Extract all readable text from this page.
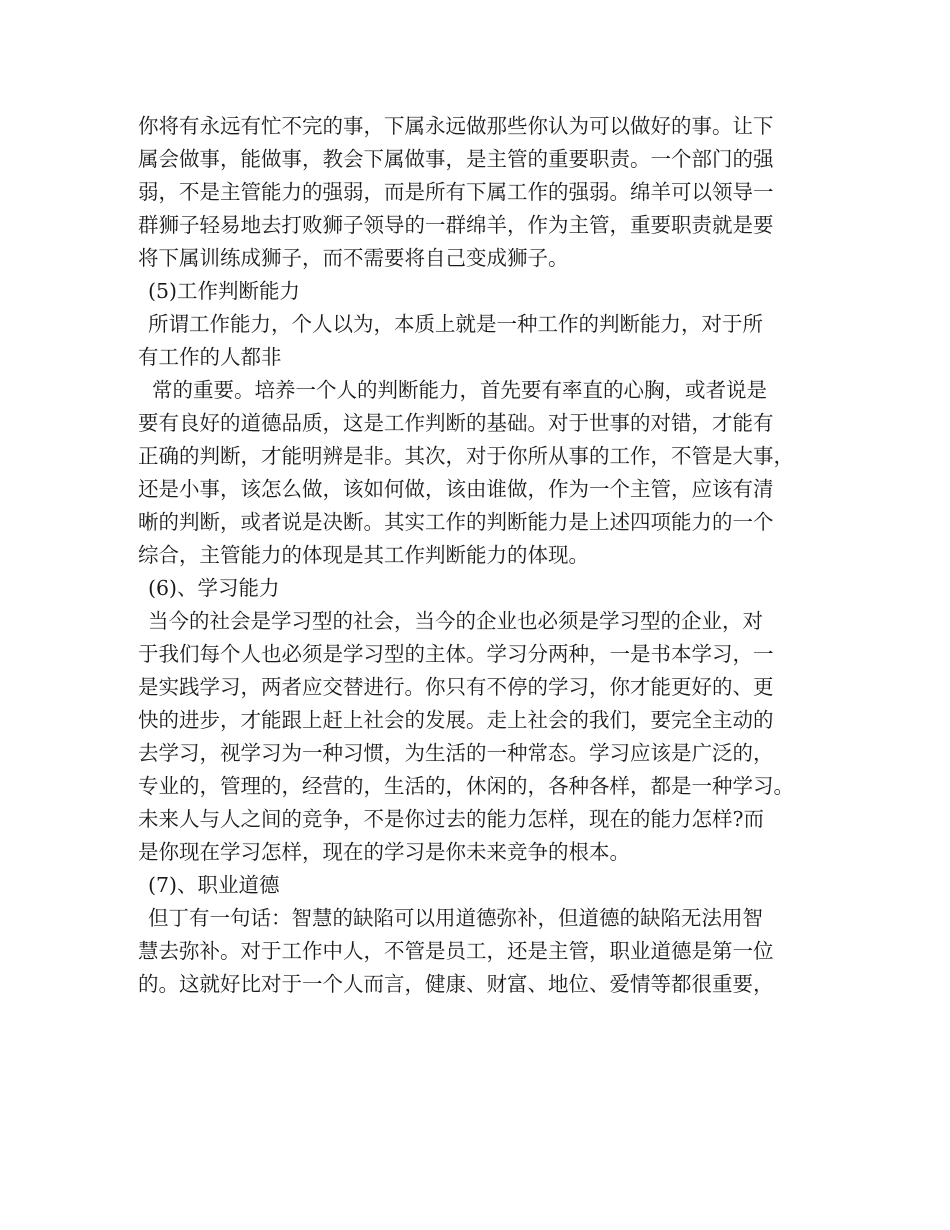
你将有永远有忙不完的事，下属永远做那些你认为可以做好的事。让下
属会做事，能做事，教会下属做事，是主管的重要职责。一个部门的强
弱，不是主管能力的强弱，而是所有下属工作的强弱。绵羊可以领导一
群狮子轻易地去打败狮子领导的一群绵羊，作为主管，重要职责就是要
将下属训练成狮子，而不需要将自己变成狮子。
(5)工作判断能力
所谓工作能力，个人以为，本质上就是一种工作的判断能力，对于所
有工作的人都非
常的重要。培养一个人的判断能力，首先要有率直的心胸，或者说是
要有良好的道德品质，这是工作判断的基础。对于世事的对错，才能有
正确的判断，才能明辨是非。其次，对于你所从事的工作，不管是大事，
还是小事，该怎么做，该如何做，该由谁做，作为一个主管，应该有清
晰的判断，或者说是决断。其实工作的判断能力是上述四项能力的一个
综合，主管能力的体现是其工作判断能力的体现。
(6)、学习能力
当今的社会是学习型的社会，当今的企业也必须是学习型的企业，对
于我们每个人也必须是学习型的主体。学习分两种，一是书本学习，一
是实践学习，两者应交替进行。你只有不停的学习，你才能更好的、更
快的进步，才能跟上赶上社会的发展。走上社会的我们，要完全主动的
去学习，视学习为一种习惯，为生活的一种常态。学习应该是广泛的，
专业的，管理的，经营的，生活的，休闲的，各种各样，都是一种学习。
未来人与人之间的竞争，不是你过去的能力怎样，现在的能力怎样?而
是你现在学习怎样，现在的学习是你未来竞争的根本。
(7)、职业道德
但丁有一句话：智慧的缺陷可以用道德弥补，但道德的缺陷无法用智
慧去弥补。对于工作中人，不管是员工，还是主管，职业道德是第一位
的。这就好比对于一个人而言，健康、财富、地位、爱情等都很重要，
